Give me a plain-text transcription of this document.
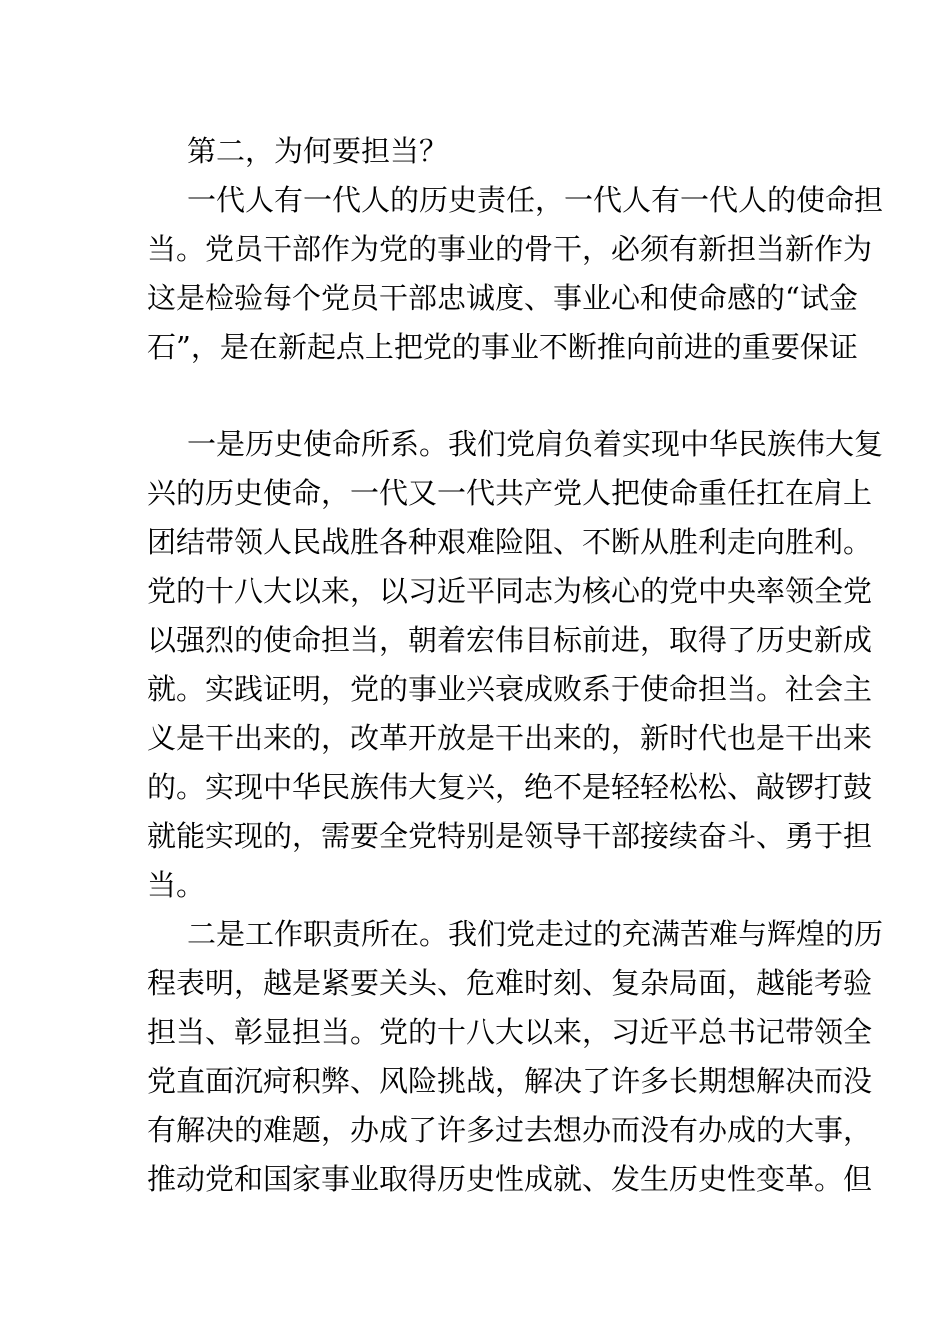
第二，为何要担当？
一代人有一代人的历史责任，一代人有一代人的使命担
当。党员干部作为党的事业的骨干，必须有新担当新作为
这是检验每个党员干部忠诚度、事业心和使命感的“试金
石”，是在新起点上把党的事业不断推向前进的重要保证
一是历史使命所系。我们党肩负着实现中华民族伟大复
兴的历史使命，一代又一代共产党人把使命重任扛在肩上
团结带领人民战胜各种艰难险阻、不断从胜利走向胜利。
党的十八大以来，以习近平同志为核心的党中央率领全党
以强烈的使命担当，朝着宏伟目标前进，取得了历史新成
就。实践证明，党的事业兴衰成败系于使命担当。社会主
义是干出来的，改革开放是干出来的，新时代也是干出来
的。实现中华民族伟大复兴，绝不是轻轻松松、敲锣打鼓
就能实现的，需要全党特别是领导干部接续奋斗、勇于担
当。
二是工作职责所在。我们党走过的充满苦难与辉煌的历
程表明，越是紧要关头、危难时刻、复杂局面，越能考验
担当、彰显担当。党的十八大以来，习近平总书记带领全
党直面沉疴积弊、风险挑战，解决了许多长期想解决而没
有解决的难题，办成了许多过去想办而没有办成的大事，
推动党和国家事业取得历史性成就、发生历史性变革。但
